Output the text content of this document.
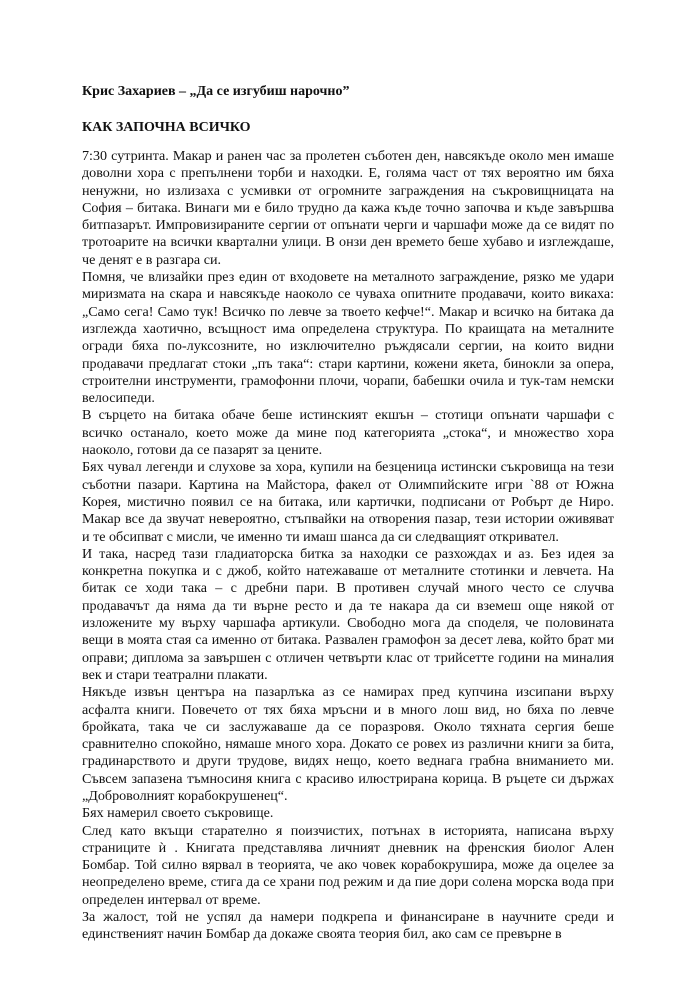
Крис Захариев – „Да се изгубиш нарочно”
КАК ЗАПОЧНА ВСИЧКО

7:30 сутринта. Макар и ранен час за пролетен съботен ден, навсякъде около мен имаше доволни хора с препълнени торби и находки. Е, голяма част от тях вероятно им бяха ненужни, но излизаха с усмивки от огромните заграждения на съкровищницата на София – битака. Винаги ми е било трудно да кажа къде точно започва и къде завършва битпазарът. Импровизираните сергии от опънати черги и чаршафи може да се видят по тротоарите на всички квартални улици. В онзи ден времето беше хубаво и изглеждаше, че денят е в разгара си.

Помня, че влизайки през един от входовете на металното заграждение, рязко ме удари миризмата на скара и навсякъде наоколо се чуваха опитните продавачи, които викаха: „Само сега! Само тук! Всичко по левче за твоето кефче!“. Макар и всичко на битака да изглежда хаотично, всъщност има определена структура. По краищата на металните огради бяха по-луксозните, но изключително ръждясали сергии, на които видни продавачи предлагат стоки „пъ така“: стари картини, кожени якета, бинокли за опера, строителни инструменти, грамофонни плочи, чорапи, бабешки очила и тук-там немски велосипеди.

В сърцето на битака обаче беше истинският екшън – стотици опънати чаршафи с всичко останало, което може да мине под категорията „стока“, и множество хора наоколо, готови да се пазарят за цените.

Бях чувал легенди и слухове за хора, купили на безценица истински съкровища на тези съботни пазари. Картина на Майстора, факел от Олимпийските игри `88 от Южна Корея, мистично появил се на битака, или картички, подписани от Робърт де Ниро. Макар все да звучат невероятно, стъпвайки на отворения пазар, тези истории оживяват и те обсипват с мисли, че именно ти имаш шанса да си следващият откривател.

И така, насред тази гладиаторска битка за находки се разхождах и аз. Без идея за конкретна покупка и с джоб, който натежаваше от металните стотинки и левчета. На битак се ходи така – с дребни пари. В противен случай много често се случва продавачът да няма да ти върне ресто и да те накара да си вземеш още някой от изложените му върху чаршафа артикули. Свободно мога да споделя, че половината вещи в моята стая са именно от битака. Развален грамофон за десет лева, който брат ми оправи; диплома за завършен с отличен четвърти клас от трийсетте години на миналия век и стари театрални плакати.

Някъде извън центъра на пазарлъка аз се намирах пред купчина изсипани върху асфалта книги. Повечето от тях бяха мръсни и в много лош вид, но бяха по левче бройката, така че си заслужаваше да се поразровя. Около тяхната сергия беше сравнително спокойно, нямаше много хора. Докато се ровех из различни книги за бита, градинарството и други трудове, видях нещо, което веднага грабна вниманието ми. Съвсем запазена тъмносиня книга с красиво илюстрирана корица. В ръцете си държах „Доброволният корабокрушенец“.

Бях намерил своето съкровище.

След като вкъщи старателно я поизчистих, потънах в историята, написана върху страниците ѝ . Книгата представлява личният дневник на френския биолог Ален Бомбар. Той силно вярвал в теорията, че ако човек корабокрушира, може да оцелее за неопределено време, стига да се храни под режим и да пие дори солена морска вода при определен интервал от време.

За жалост, той не успял да намери подкрепа и финансиране в научните среди и единственият начин Бомбар да докаже своята теория бил, ако сам се превърне в
